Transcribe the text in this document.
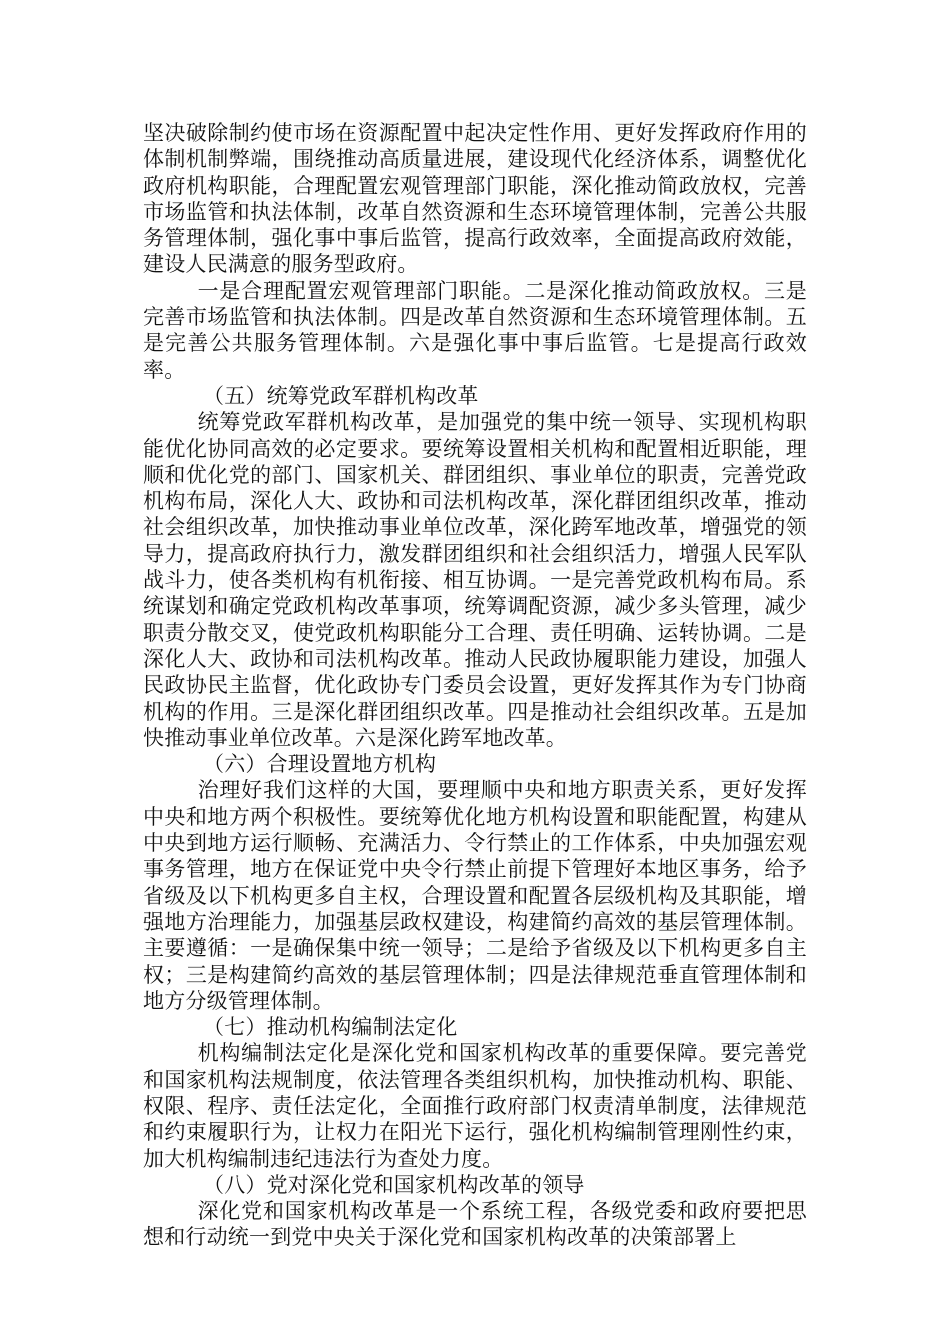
坚决破除制约使市场在资源配置中起决定性作用、更好发挥政府作用的体制机制弊端，围绕推动高质量进展，建设现代化经济体系，调整优化政府机构职能，合理配置宏观管理部门职能，深化推动简政放权，完善市场监管和执法体制，改革自然资源和生态环境管理体制，完善公共服务管理体制，强化事中事后监管，提高行政效率，全面提高政府效能，建设人民满意的服务型政府。

一是合理配置宏观管理部门职能。二是深化推动简政放权。三是完善市场监管和执法体制。四是改革自然资源和生态环境管理体制。五是完善公共服务管理体制。六是强化事中事后监管。七是提高行政效率。

（五）统筹党政军群机构改革

统筹党政军群机构改革，是加强党的集中统一领导、实现机构职能优化协同高效的必定要求。要统筹设置相关机构和配置相近职能，理顺和优化党的部门、国家机关、群团组织、事业单位的职责，完善党政机构布局，深化人大、政协和司法机构改革，深化群团组织改革，推动社会组织改革，加快推动事业单位改革，深化跨军地改革，增强党的领导力，提高政府执行力，激发群团组织和社会组织活力，增强人民军队战斗力，使各类机构有机衔接、相互协调。一是完善党政机构布局。系统谋划和确定党政机构改革事项，统筹调配资源，减少多头管理，减少职责分散交叉，使党政机构职能分工合理、责任明确、运转协调。二是深化人大、政协和司法机构改革。推动人民政协履职能力建设，加强人民政协民主监督，优化政协专门委员会设置，更好发挥其作为专门协商机构的作用。三是深化群团组织改革。四是推动社会组织改革。五是加快推动事业单位改革。六是深化跨军地改革。

（六）合理设置地方机构

治理好我们这样的大国，要理顺中央和地方职责关系，更好发挥中央和地方两个积极性。要统筹优化地方机构设置和职能配置，构建从中央到地方运行顺畅、充满活力、令行禁止的工作体系，中央加强宏观事务管理，地方在保证党中央令行禁止前提下管理好本地区事务，给予省级及以下机构更多自主权，合理设置和配置各层级机构及其职能，增强地方治理能力，加强基层政权建设，构建简约高效的基层管理体制。主要遵循：一是确保集中统一领导；二是给予省级及以下机构更多自主权；三是构建简约高效的基层管理体制；四是法律规范垂直管理体制和地方分级管理体制。

（七）推动机构编制法定化

机构编制法定化是深化党和国家机构改革的重要保障。要完善党和国家机构法规制度，依法管理各类组织机构，加快推动机构、职能、权限、程序、责任法定化，全面推行政府部门权责清单制度，法律规范和约束履职行为，让权力在阳光下运行，强化机构编制管理刚性约束，加大机构编制违纪违法行为查处力度。

（八）党对深化党和国家机构改革的领导

深化党和国家机构改革是一个系统工程，各级党委和政府要把思想和行动统一到党中央关于深化党和国家机构改革的决策部署上
